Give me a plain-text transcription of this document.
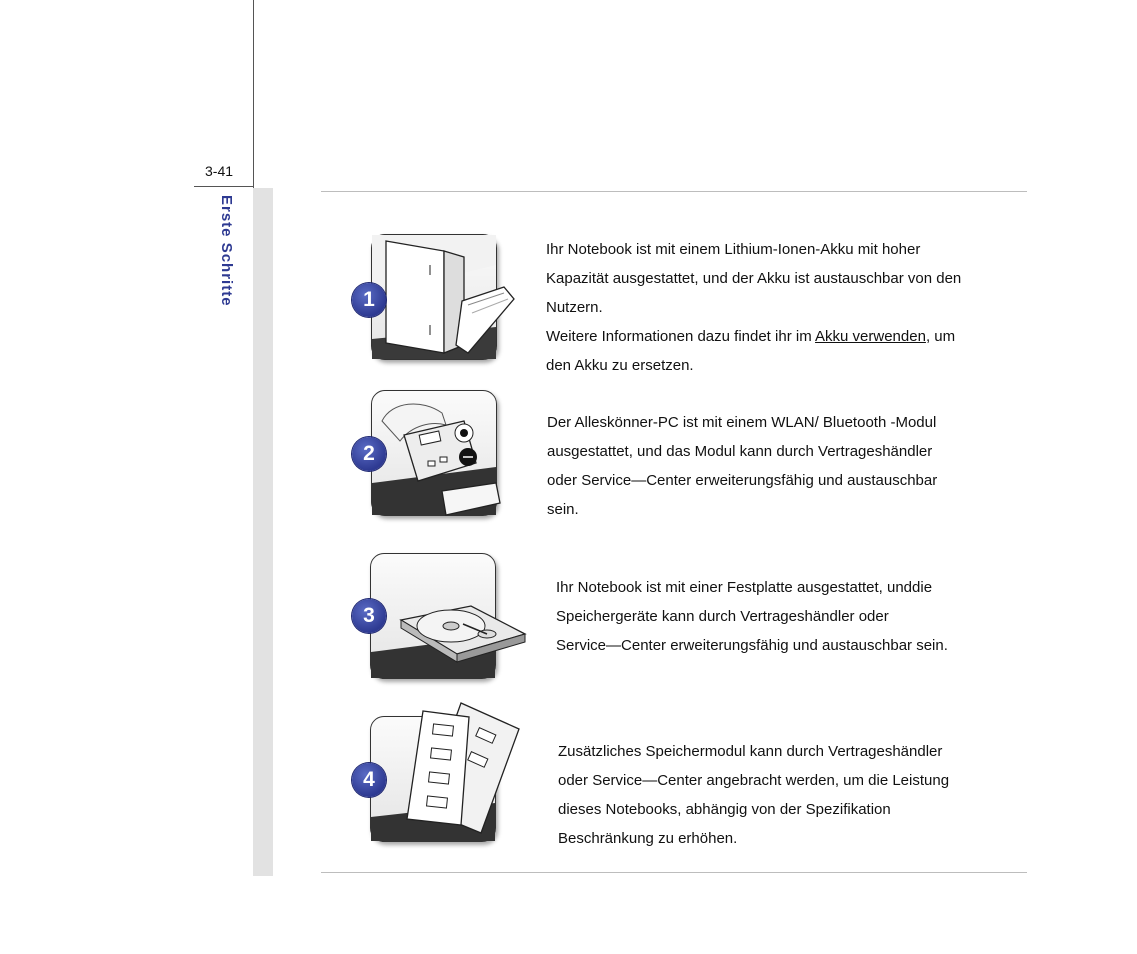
3-41
Erste Schritte	1

Ihr Notebook ist mit einem Lithium-Ionen-Akku mit hoher

Kapazität ausgestattet, und der Akku ist austauschbar von den

Nutzern.

Weitere Informationen dazu findet ihr im Akku verwenden, um

den Akku zu ersetzen.

2

Der Alleskönner-PC ist mit einem WLAN/ Bluetooth -Modul

ausgestattet, und das Modul kann durch Vertrageshändler

oder Service—Center erweiterungsfähig und austauschbar

sein.

3

Ihr Notebook ist mit einer Festplatte ausgestattet, unddie

Speichergeräte kann durch Vertrageshändler oder

Service—Center erweiterungsfähig und austauschbar sein.

4

Zusätzliches Speichermodul kann durch Vertrageshändler

oder Service—Center angebracht werden, um die Leistung

dieses Notebooks, abhängig von der Spezifikation

Beschränkung zu erhöhen.
